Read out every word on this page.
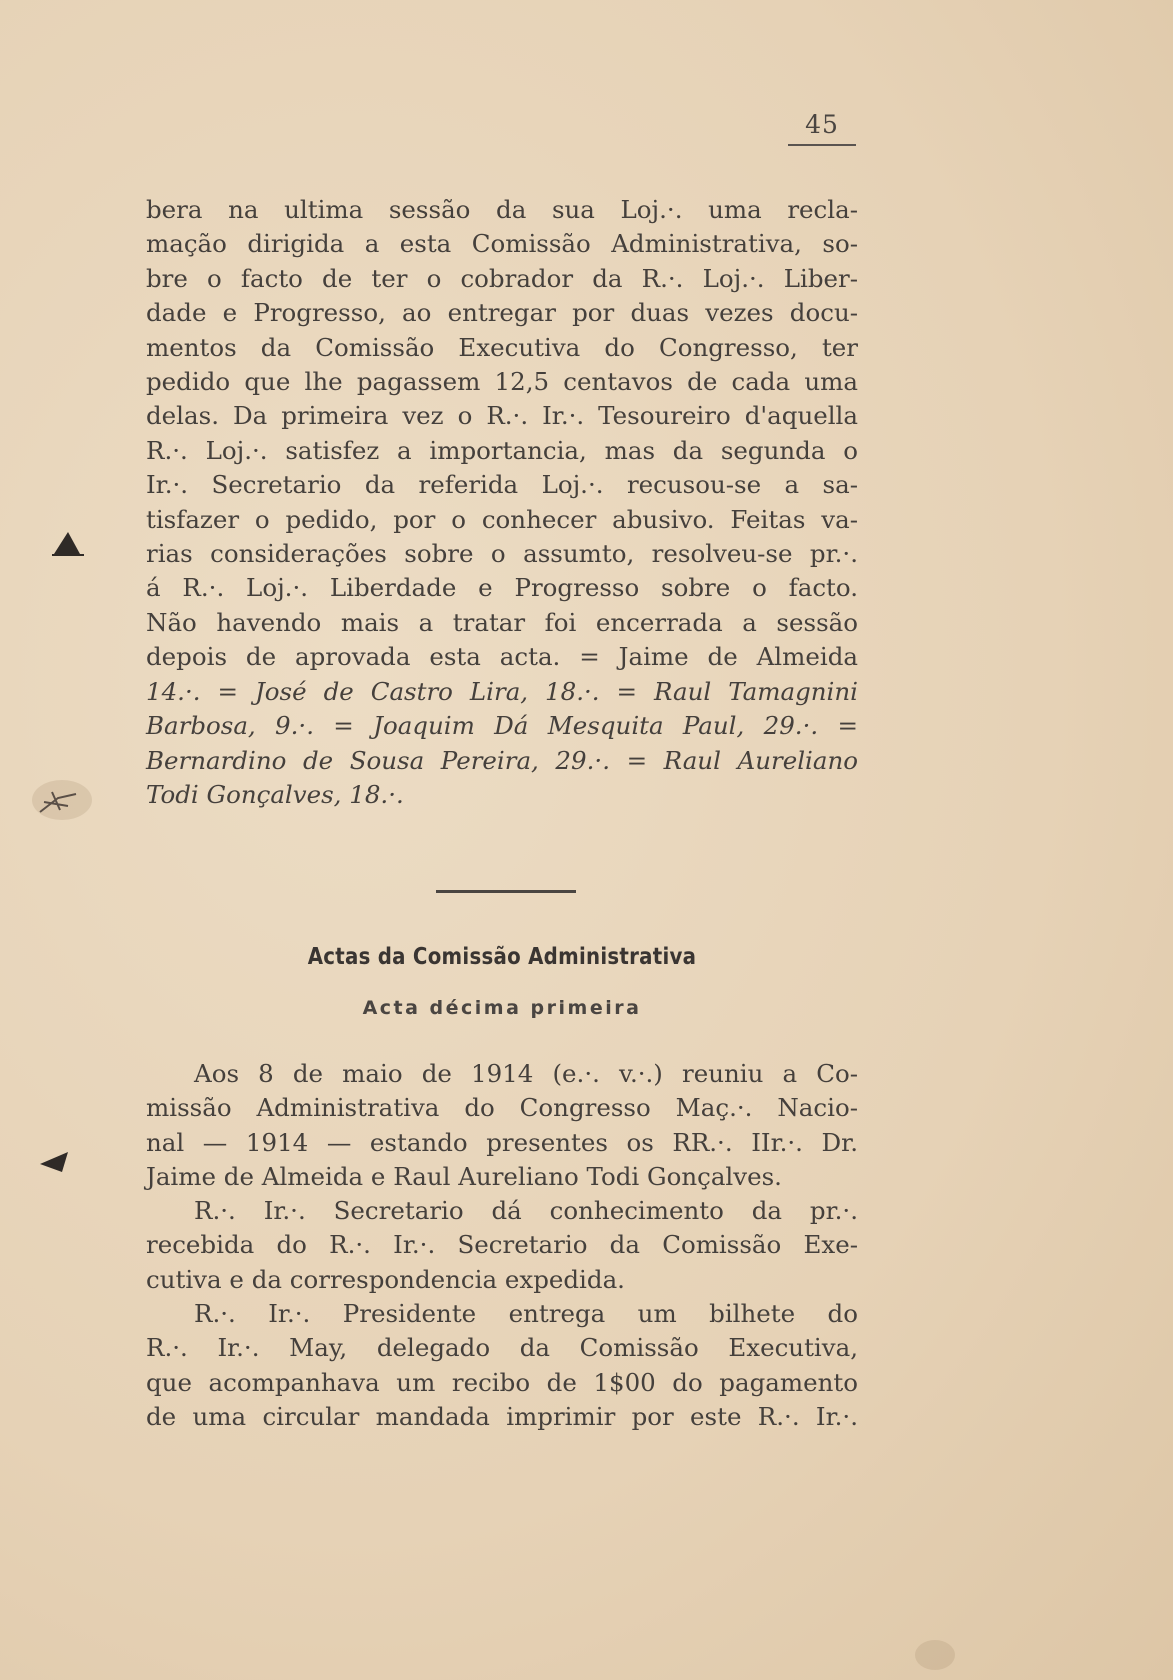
45
bera na ultima sessão da sua Loj.·. uma recla-
mação dirigida a esta Comissão Administrativa, so-
bre o facto de ter o cobrador da R.·. Loj.·. Liber-
dade e Progresso, ao entregar por duas vezes docu-
mentos da Comissão Executiva do Congresso, ter
pedido que lhe pagassem 12,5 centavos de cada uma
delas. Da primeira vez o R.·. Ir.·. Tesoureiro d'aquella
R.·. Loj.·. satisfez a importancia, mas da segunda o
Ir.·. Secretario da referida Loj.·. recusou-se a sa-
tisfazer o pedido, por o conhecer abusivo. Feitas va-
rias considerações sobre o assumto, resolveu-se pr.·.
á R.·. Loj.·. Liberdade e Progresso sobre o facto.
Não havendo mais a tratar foi encerrada a sessão
depois de aprovada esta acta. = Jaime de Almeida
14.·. = José de Castro Lira, 18.·. = Raul Tamagnini
Barbosa, 9.·. = Joaquim Dá Mesquita Paul, 29.·. =
Bernardino de Sousa Pereira, 29.·. = Raul Aureliano
Todi Gonçalves, 18.·.
Actas da Comissão Administrativa
Acta décima primeira
Aos 8 de maio de 1914 (e.·. v.·.) reuniu a Co-
missão Administrativa do Congresso Maç.·. Nacio-
nal — 1914 — estando presentes os RR.·. IIr.·. Dr.
Jaime de Almeida e Raul Aureliano Todi Gonçalves.
R.·. Ir.·. Secretario dá conhecimento da pr.·.
recebida do R.·. Ir.·. Secretario da Comissão Exe-
cutiva e da correspondencia expedida.
R.·. Ir.·. Presidente entrega um bilhete do
R.·. Ir.·. May, delegado da Comissão Executiva,
que acompanhava um recibo de 1$00 do pagamento
de uma circular mandada imprimir por este R.·. Ir.·.
